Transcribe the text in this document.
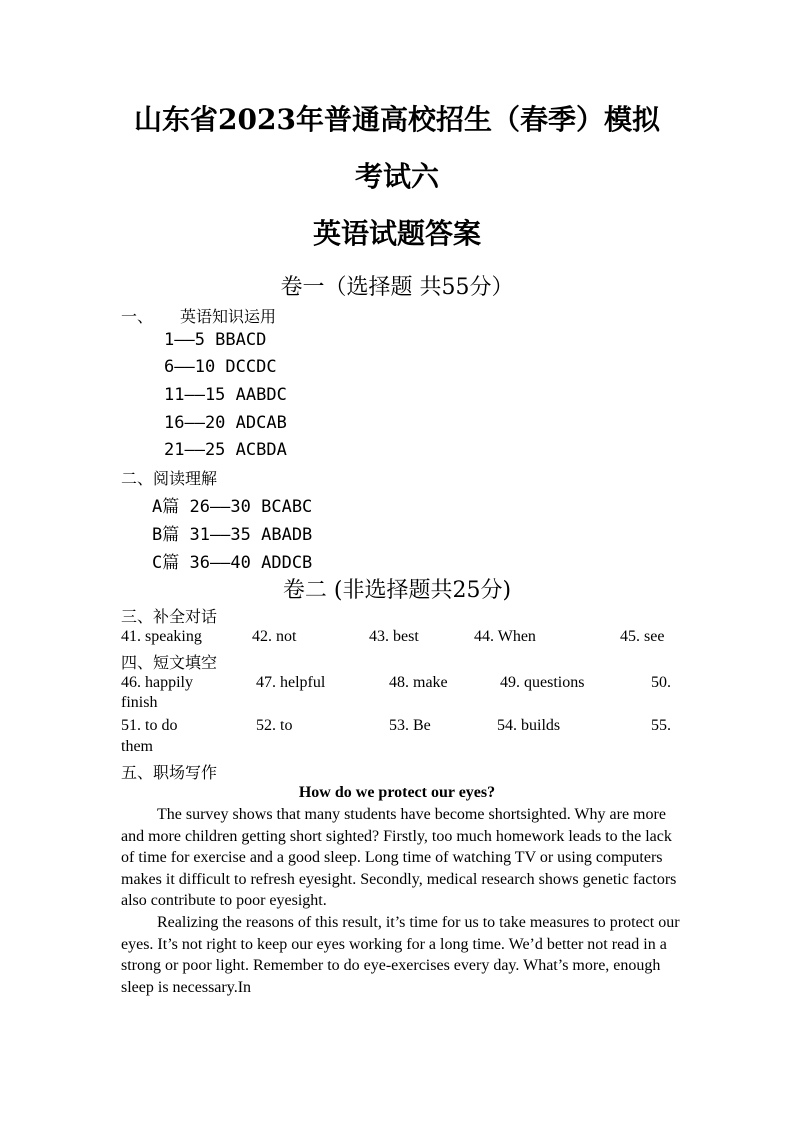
山东省2023年普通高校招生（春季）模拟
考试六
英语试题答案
卷一（选择题 共55分）
一、 英语知识运用
1——5 BBACD
6——10 DCCDC
11——15 AABDC
16——20 ADCAB
21——25 ACBDA
二、阅读理解
A篇 26——30 BCABC
B篇 31——35 ABADB
C篇 36——40 ADDCB
卷二 (非选择题共25分)
三、补全对话
41. speaking	42. not	43. best	44. When	45. see
四、短文填空
46. happily	47. helpful	48. make	49. questions	50.
finish
51. to do	52. to	53. Be	54. builds	55.
them
五、职场写作
How do we protect our eyes?

The survey shows that many students have become shortsighted. Why are more and more children getting short sighted? Firstly, too much homework leads to the lack of time for exercise and a good sleep. Long time of watching TV or using computers makes it difficult to refresh eyesight. Secondly, medical research shows genetic factors also contribute to poor eyesight.

Realizing the reasons of this result, it’s time for us to take measures to protect our eyes. It’s not right to keep our eyes working for a long time. We’d better not read in a strong or poor light. Remember to do eye-exercises every day. What’s more, enough sleep is necessary.In
